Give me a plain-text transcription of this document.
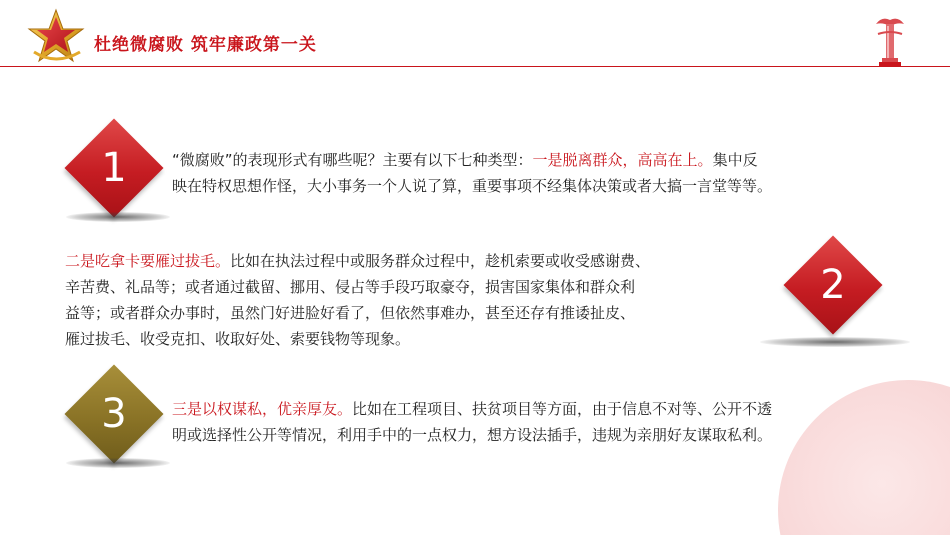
杜绝微腐败 筑牢廉政第一关
1	“微腐败”的表现形式有哪些呢？主要有以下七种类型：一是脱离群众，高高在上。集中反
映在特权思想作怪，大小事务一个人说了算，重要事项不经集体决策或者大搞一言堂等等。
2
二是吃拿卡要雁过拔毛。比如在执法过程中或服务群众过程中，趁机索要或收受感谢费、
辛苦费、礼品等；或者通过截留、挪用、侵占等手段巧取豪夺，损害国家集体和群众利
益等；或者群众办事时，虽然门好进脸好看了，但依然事难办，甚至还存有推诿扯皮、
雁过拔毛、收受克扣、收取好处、索要钱物等现象。
3	三是以权谋私，优亲厚友。比如在工程项目、扶贫项目等方面，由于信息不对等、公开不透
明或选择性公开等情况，利用手中的一点权力，想方设法插手，违规为亲朋好友谋取私利。
